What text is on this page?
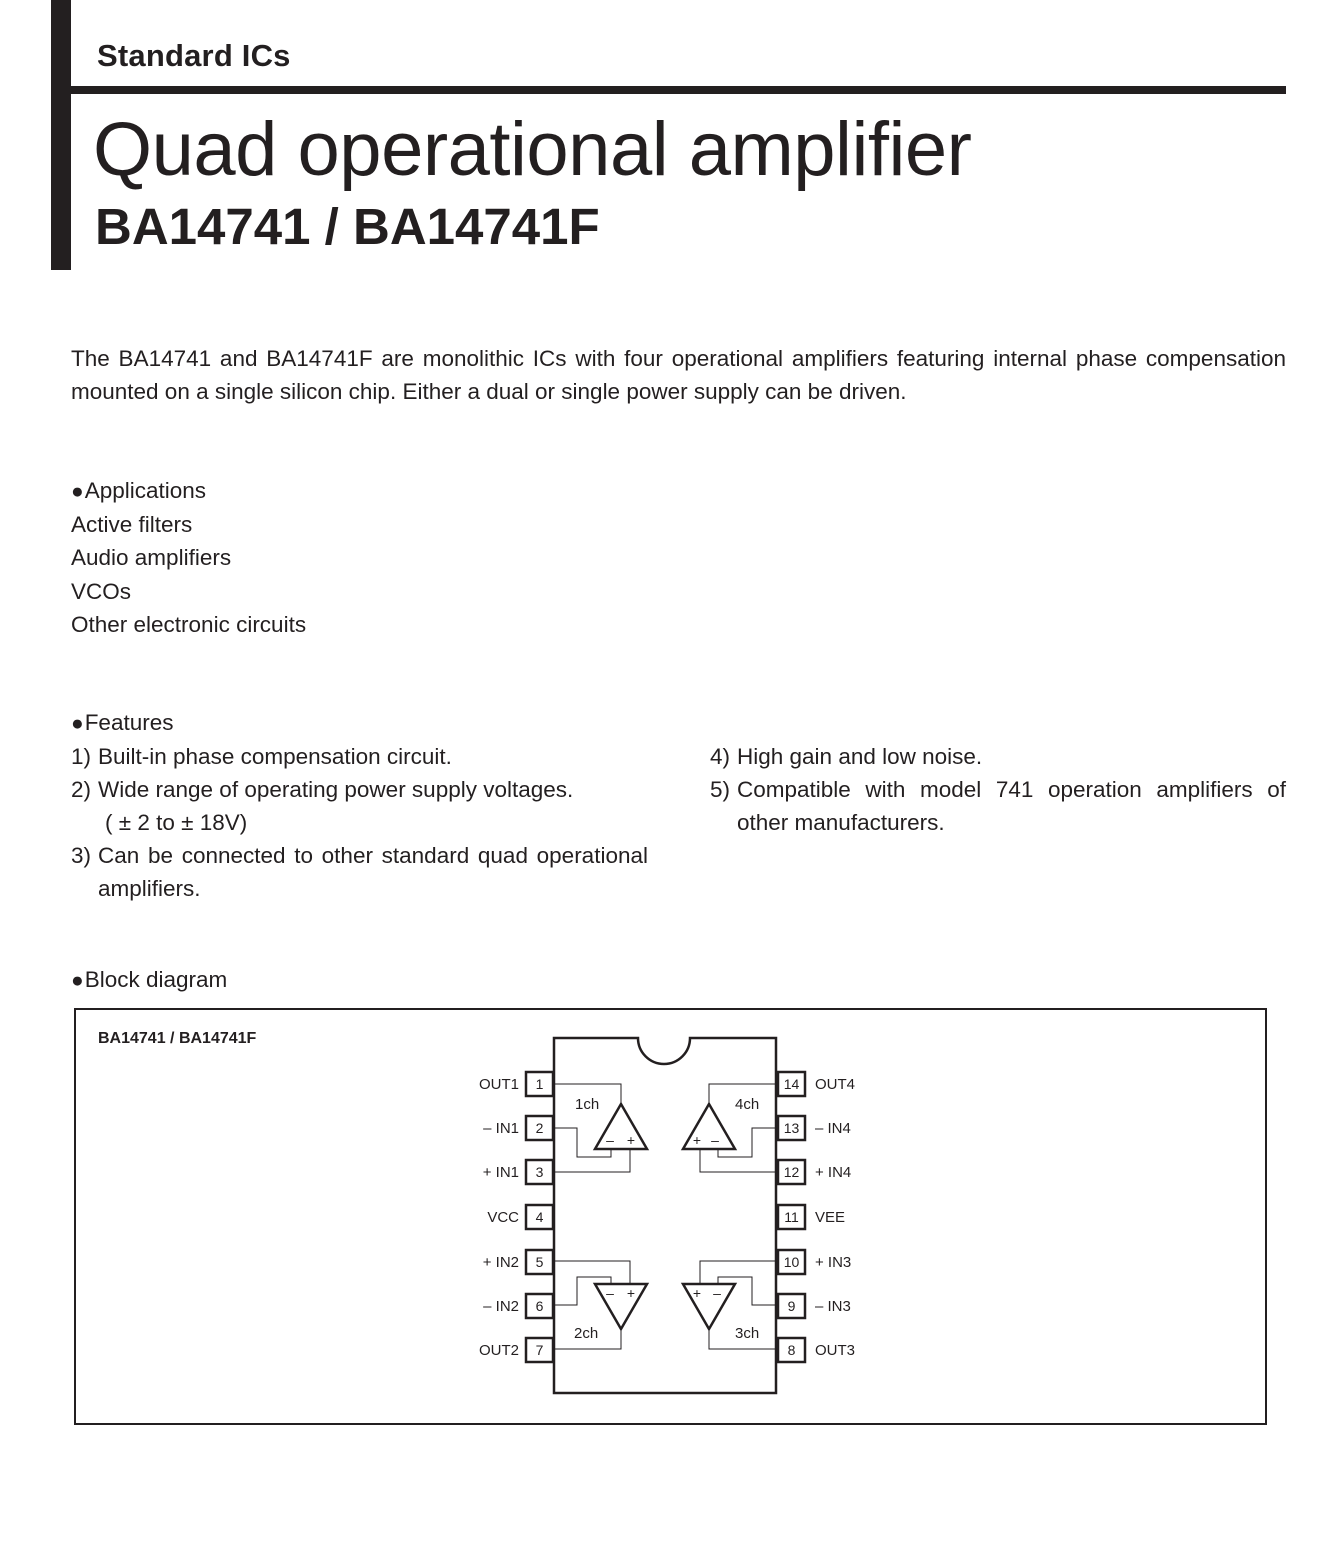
Standard ICs
Quad operational amplifier
BA14741 / BA14741F
The BA14741 and BA14741F are monolithic ICs with four operational amplifiers featuring internal phase compensation mounted on a single silicon chip. Either a dual or single power supply can be driven.
●Applications
Active filters
Audio amplifiers
VCOs
Other electronic circuits
●Features
1) Built-in phase compensation circuit.
2) Wide range of operating power supply voltages.
( ± 2 to ± 18V)
3) Can be connected to other standard quad operational amplifiers.
4) High gain and low noise.
5) Compatible with model 741 operation amplifiers of other manufacturers.
●Block diagram
BA14741 / BA14741F
1
2
3
4
5
6
7
14
13
12
11
10
9
8
OUT1
– IN1
+ IN1
VCC
+ IN2
– IN2
OUT2
OUT4
– IN4
+ IN4
VEE
+ IN3
– IN3
OUT3
– +	+ –
– +	+ –
1ch	4ch
2ch	3ch
